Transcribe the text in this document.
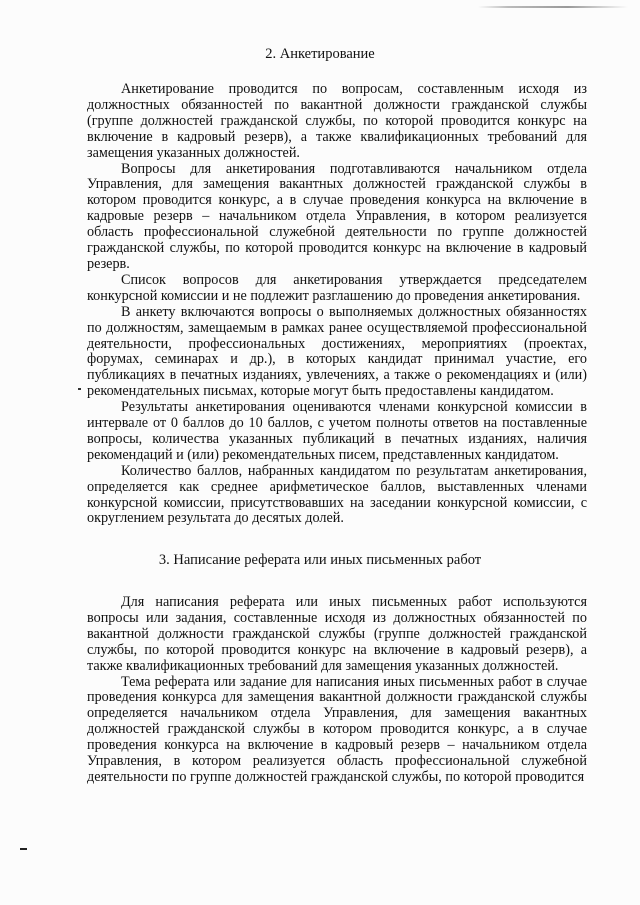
2. Анкетирование

Анкетирование проводится по вопросам, составленным исходя из должностных обязанностей по вакантной должности гражданской службы (группе должностей гражданской службы, по которой проводится конкурс на включение в кадровый резерв), а также квалификационных требований для замещения указанных должностей.

Вопросы для анкетирования подготавливаются начальником отдела Управления, для замещения вакантных должностей гражданской службы в котором проводится конкурс, а в случае проведения конкурса на включение в кадровые резерв – начальником отдела Управления, в котором реализуется область профессиональной служебной деятельности по группе должностей гражданской службы, по которой проводится конкурс на включение в кадровый резерв.

Список вопросов для анкетирования утверждается председателем конкурсной комиссии и не подлежит разглашению до проведения анкетирования.

В анкету включаются вопросы о выполняемых должностных обязанностях по должностям, замещаемым в рамках ранее осуществляемой профессиональной деятельности, профессиональных достижениях, мероприятиях (проектах, форумах, семинарах и др.), в которых кандидат принимал участие, его публикациях в печатных изданиях, увлечениях, а также о рекомендациях и (или) рекомендательных письмах, которые могут быть предоставлены кандидатом.

Результаты анкетирования оцениваются членами конкурсной комиссии в интервале от 0 баллов до 10 баллов, с учетом полноты ответов на поставленные вопросы, количества указанных публикаций в печатных изданиях, наличия рекомендаций и (или) рекомендательных писем, представленных кандидатом.

Количество баллов, набранных кандидатом по результатам анкетирования, определяется как среднее арифметическое баллов, выставленных членами конкурсной комиссии, присутствовавших на заседании конкурсной комиссии, с округлением результата до десятых долей.

3. Написание реферата или иных письменных работ

Для написания реферата или иных письменных работ используются вопросы или задания, составленные исходя из должностных обязанностей по вакантной должности гражданской службы (группе должностей гражданской службы, по которой проводится конкурс на включение в кадровый резерв), а также квалификационных требований для замещения указанных должностей.

Тема реферата или задание для написания иных письменных работ в случае проведения конкурса для замещения вакантной должности гражданской службы определяется начальником отдела Управления, для замещения вакантных должностей гражданской службы в котором проводится конкурс, а в случае проведения конкурса на включение в кадровый резерв – начальником отдела Управления, в котором реализуется область профессиональной служебной деятельности по группе должностей гражданской службы, по которой проводится
